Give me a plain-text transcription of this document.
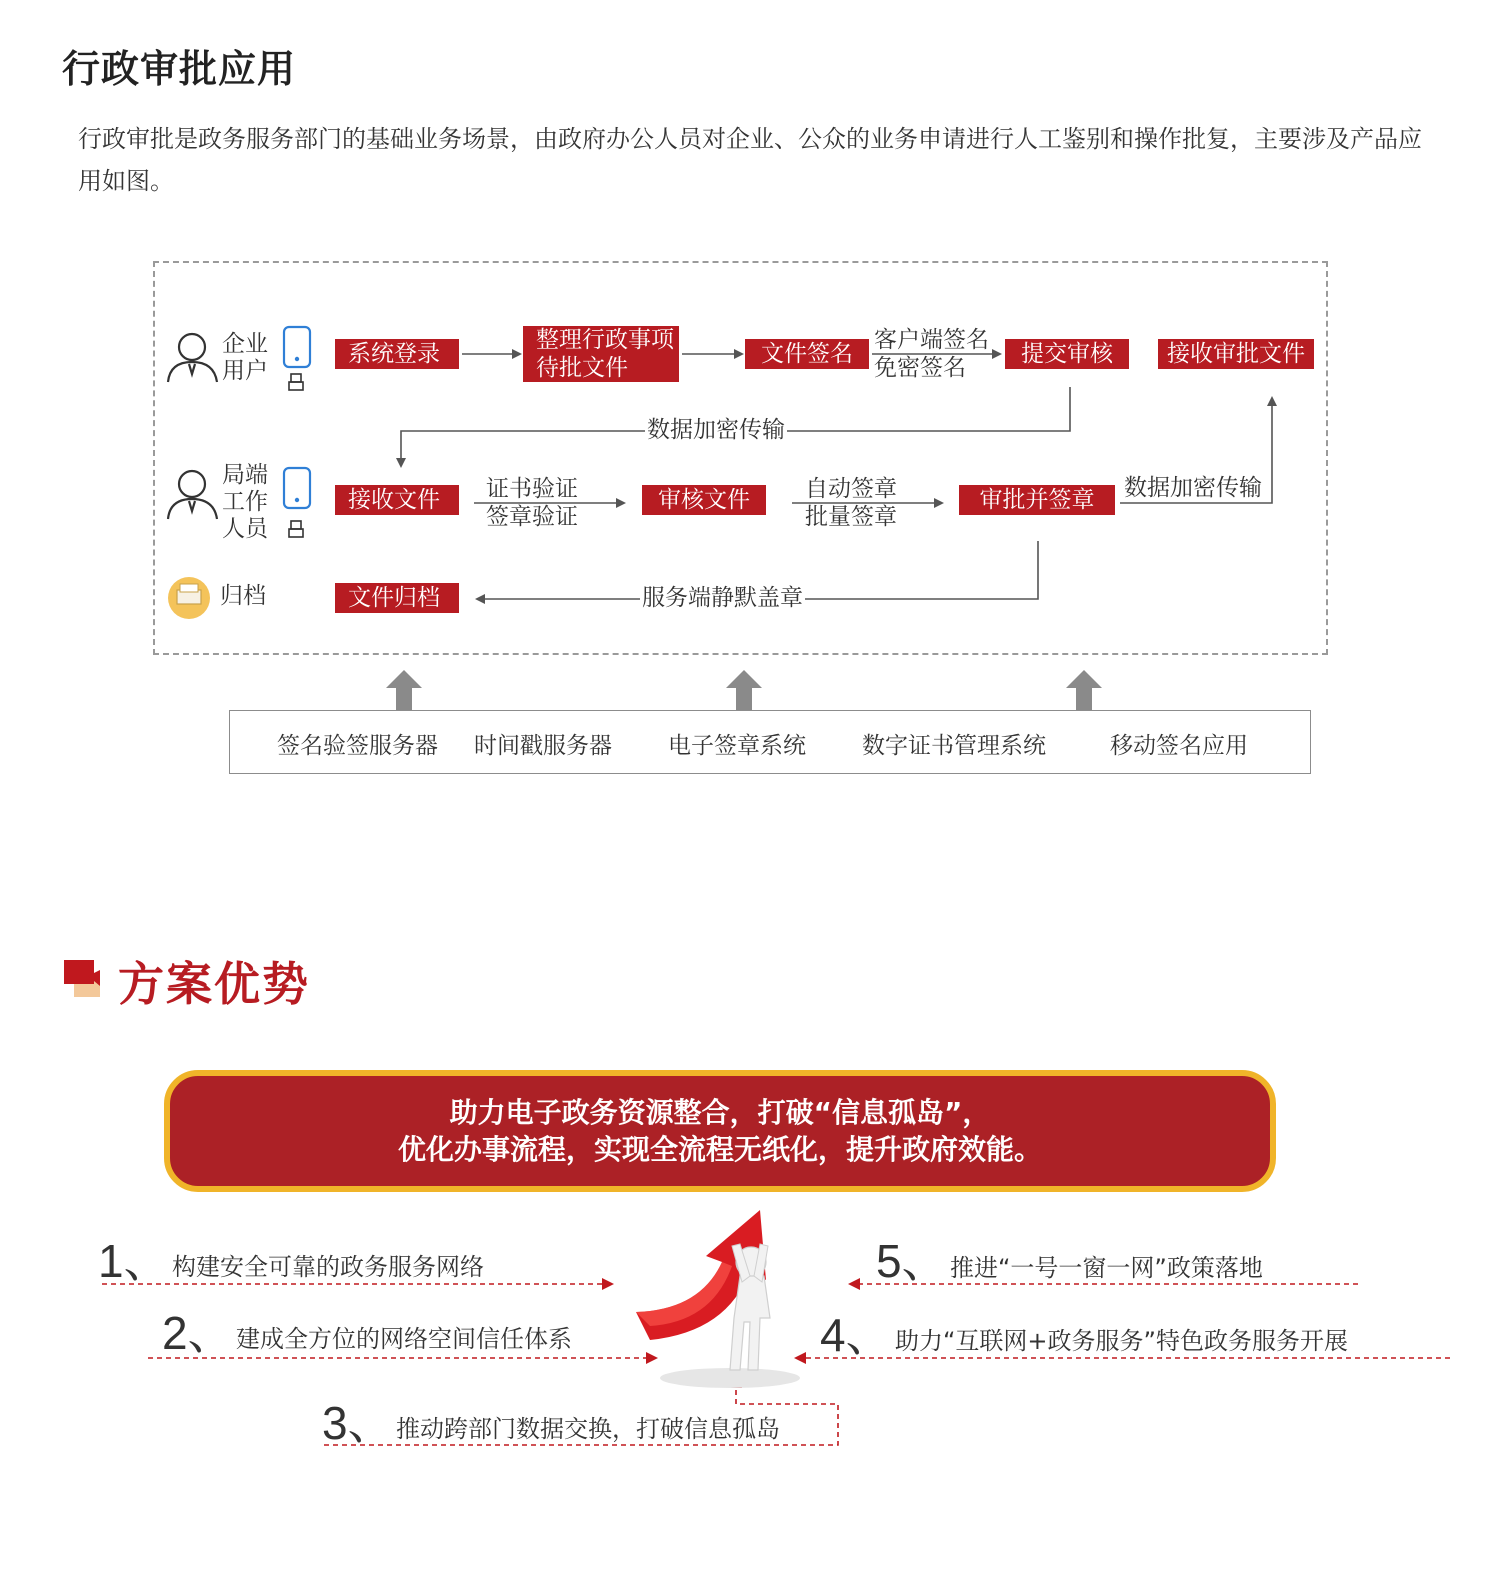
行政审批应用
行政审批是政务服务部门的基础业务场景，由政府办公人员对企业、公众的业务申请进行人工鉴别和操作批复，主要涉及产品应用如图。
企业
用户
局端
工作
人员
归档
系统登录
整理行政事项
待批文件
文件签名	提交审核	接收审批文件
接收文件	审核文件	审批并签章
文件归档
客户端签名
免密签名
数据加密传输
证书验证
签章验证
自动签章
批量签章
数据加密传输
服务端静默盖章
签名验签服务器 时间戳服务器 电子签章系统 数字证书管理系统	移动签名应用
方案优势
助力电子政务资源整合，打破“信息孤岛”，
优化办事流程，实现全流程无纸化，提升政府效能。
1、 构建安全可靠的政务服务网络
2、 建成全方位的网络空间信任体系
3、 推动跨部门数据交换，打破信息孤岛
4、 助力“互联网+政务服务”特色政务服务开展
5、 推进“一号一窗一网”政策落地
